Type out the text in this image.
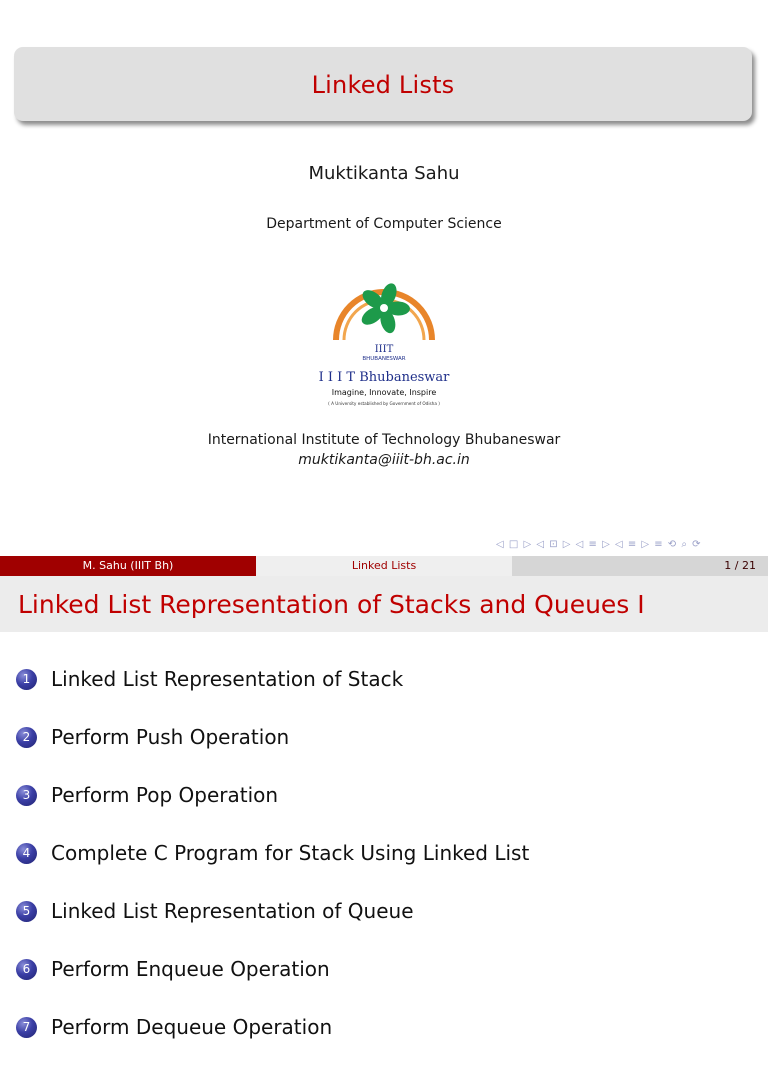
Linked Lists
Muktikanta Sahu
Department of Computer Science
IIIT
BHUBANESWAR
I I I T Bhubaneswar
Imagine, Innovate, Inspire
( A University established by Government of Odisha )
International Institute of Technology Bhubaneswar
muktikanta@iiit-bh.ac.in
◁ □ ▷ ◁ ⊡ ▷ ◁ ≡ ▷ ◁ ≡ ▷ ≡ ⟲ ⌕ ⟳
M. Sahu (IIIT Bh)	Linked Lists	1 / 21
Linked List Representation of Stacks and Queues I
1	Linked List Representation of Stack
2	Perform Push Operation
3	Perform Pop Operation
4	Complete C Program for Stack Using Linked List
5	Linked List Representation of Queue
6	Perform Enqueue Operation
7	Perform Dequeue Operation
